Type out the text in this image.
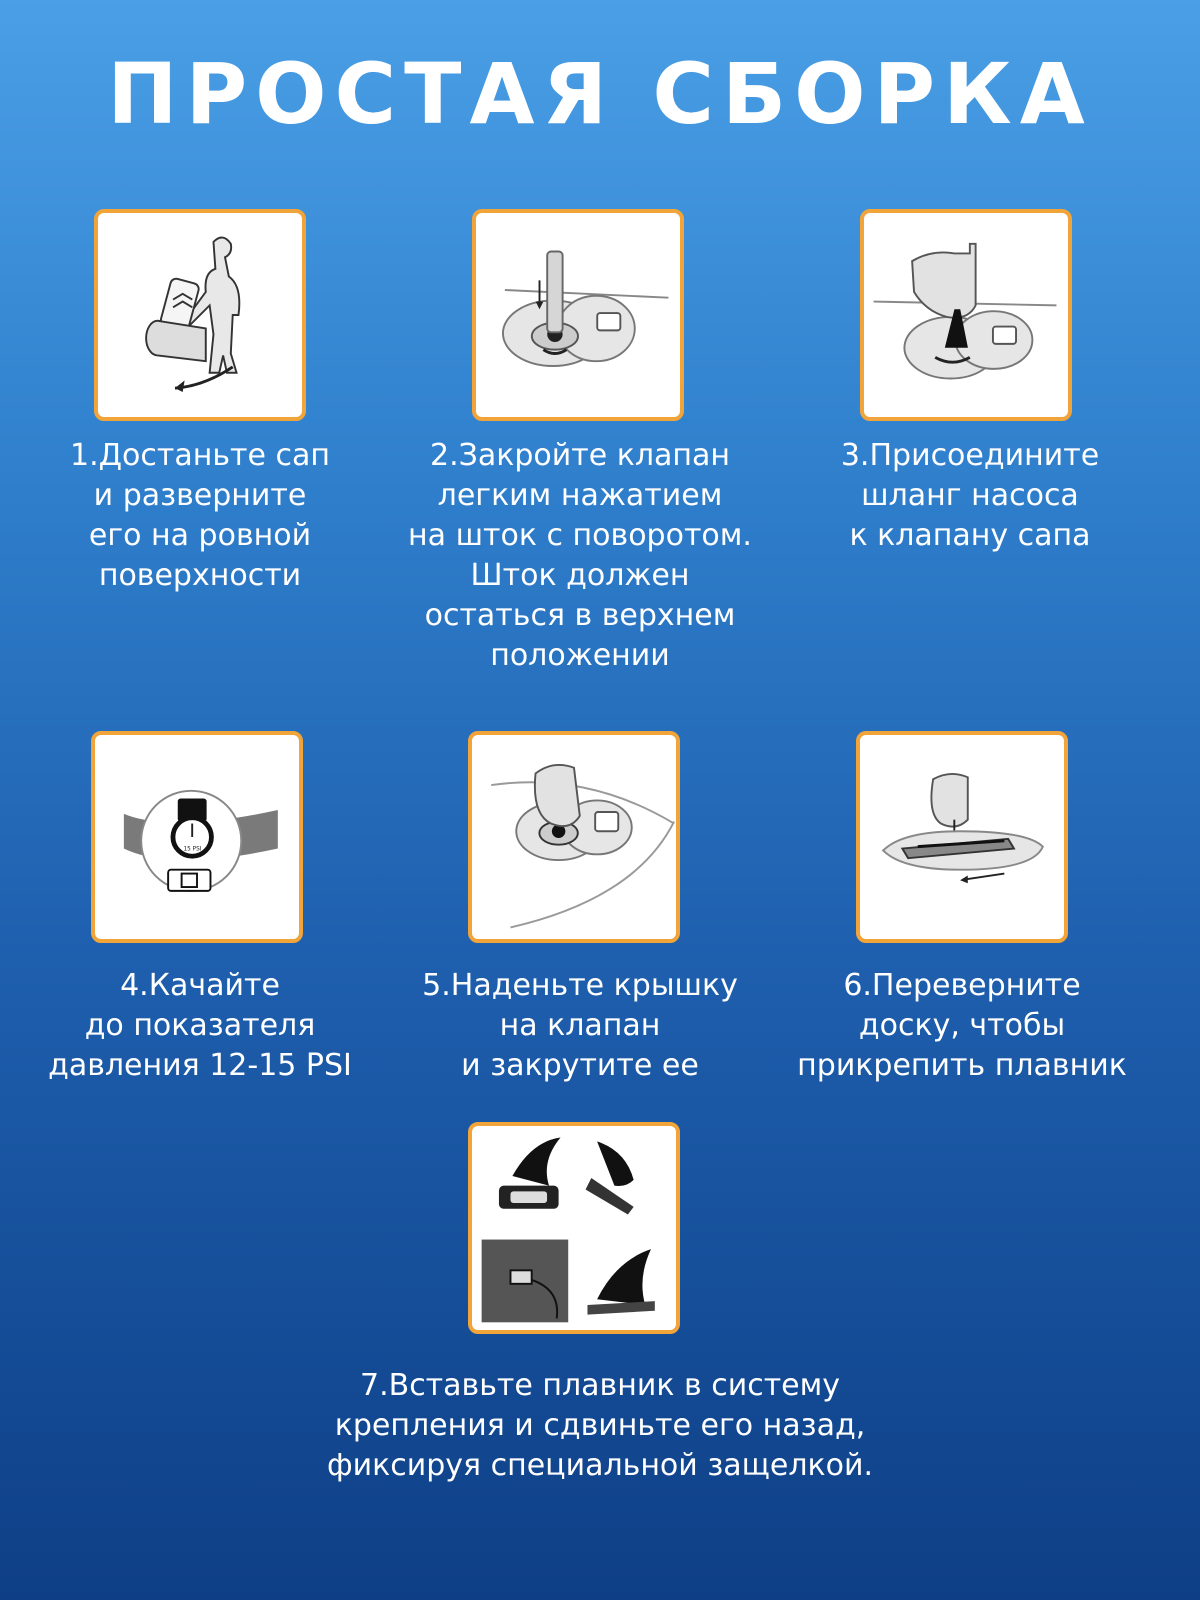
ПРОСТАЯ СБОРКА
1.Достаньте сап
и разверните
его на ровной
поверхности
2.Закройте клапан
легким нажатием
на шток с поворотом.
Шток должен
остаться в верхнем
положении
3.Присоедините
шланг насоса
к клапану сапа
15 PSI
4.Качайте
до показателя
давления 12-15 PSI
5.Наденьте крышку
на клапан
и закрутите ее
6.Переверните
доску, чтобы
прикрепить плавник
7.Вставьте плавник в систему
крепления и сдвиньте его назад,
фиксируя специальной защелкой.
